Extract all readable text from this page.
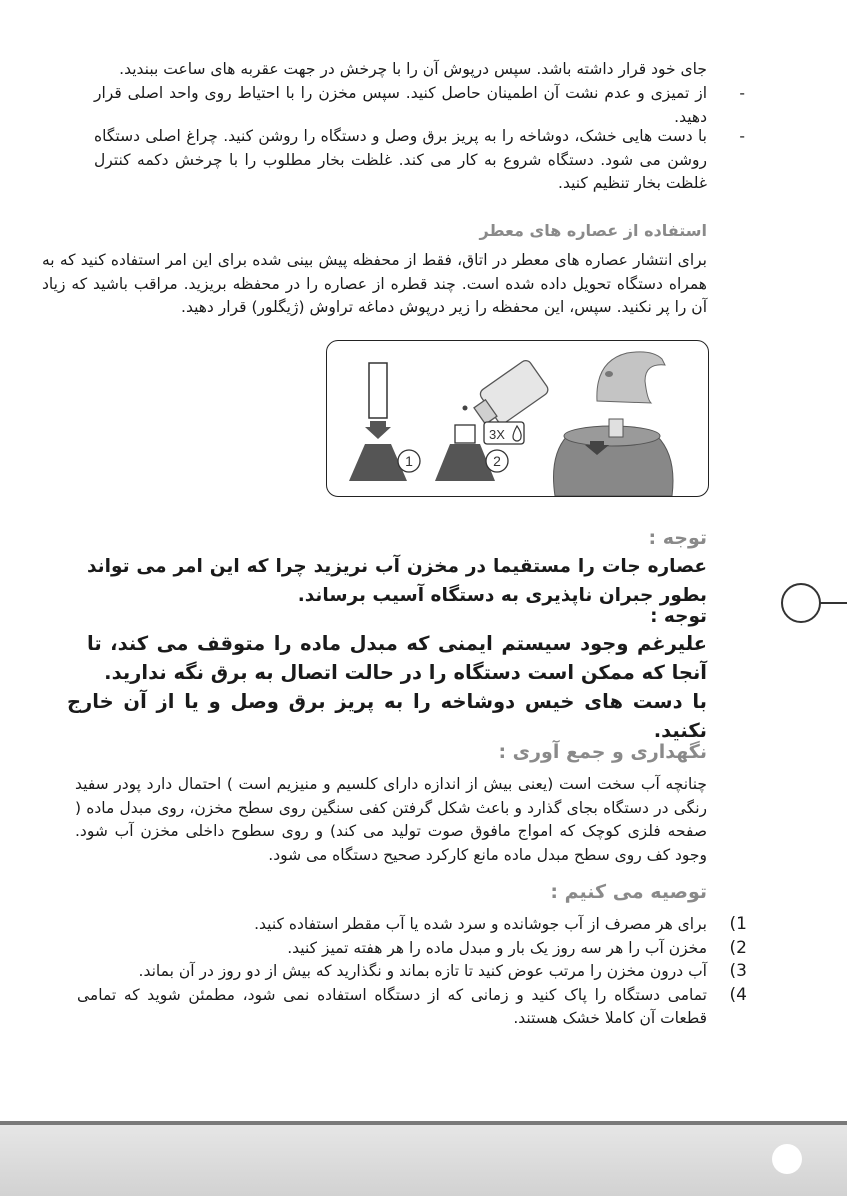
جای خود قرار داشته باشد. سپس درپوش آن را با چرخش در جهت عقربه های ساعت ببندید.
-
از تمیزی و عدم نشت آن اطمینان حاصل کنید. سپس مخزن را با احتیاط روی واحد اصلی قرار دهید.
-
با دست هایی خشک، دوشاخه را به پریز برق وصل و دستگاه را روشن کنید. چراغ اصلی دستگاه روشن می شود. دستگاه شروع به کار می کند. غلظت بخار مطلوب را با چرخش دکمه کنترل غلظت بخار تنظیم کنید.
استفاده از عصاره های معطر
برای انتشار عصاره های معطر در اتاق، فقط از محفظه پیش بینی شده برای این امر استفاده کنید که به همراه دستگاه تحویل داده شده است. چند قطره از عصاره را در محفظه بریزید. مراقب باشید که زیاد آن را پر نکنید. سپس، این محفظه را زیر درپوش دماغه تراوش (ژیگلور) قرار دهید.
1
3X
2
توجه :
عصاره جات را مستقیما در مخزن آب نریزید چرا که این امر می تواند بطور جبران ناپذیری به دستگاه آسیب برساند.
توجه :
علیرغم وجود سیستم ایمنی که مبدل ماده را متوقف می کند، تا آنجا که ممکن است دستگاه را در حالت اتصال به برق نگه ندارید.
با دست های خیس دوشاخه را به پریز برق وصل و یا از آن خارج نکنید.
نگهداری و جمع آوری :
چنانچه آب سخت است (یعنی بیش از اندازه دارای کلسیم و منیزیم است ) احتمال دارد پودر سفید رنگی در دستگاه بجای گذارد و باعث شکل گرفتن کفی سنگین روی سطح مخزن، روی مبدل ماده ( صفحه فلزی کوچک که امواج مافوق صوت تولید می کند) و روی سطوح داخلی مخزن آب شود. وجود کف روی سطح مبدل ماده مانع کارکرد صحیح دستگاه می شود.
توصیه می کنیم :
(1
برای هر مصرف از آب جوشانده و سرد شده یا آب مقطر استفاده کنید.
(2
مخزن آب را هر سه روز یک بار و مبدل ماده را هر هفته تمیز کنید.
(3
آب درون مخزن را مرتب عوض کنید تا تازه بماند و نگذارید که بیش از دو روز در آن بماند.
(4
تمامی دستگاه را پاک کنید و زمانی که از دستگاه استفاده نمی شود، مطمئن شوید که تمامی قطعات آن کاملا خشک هستند.
